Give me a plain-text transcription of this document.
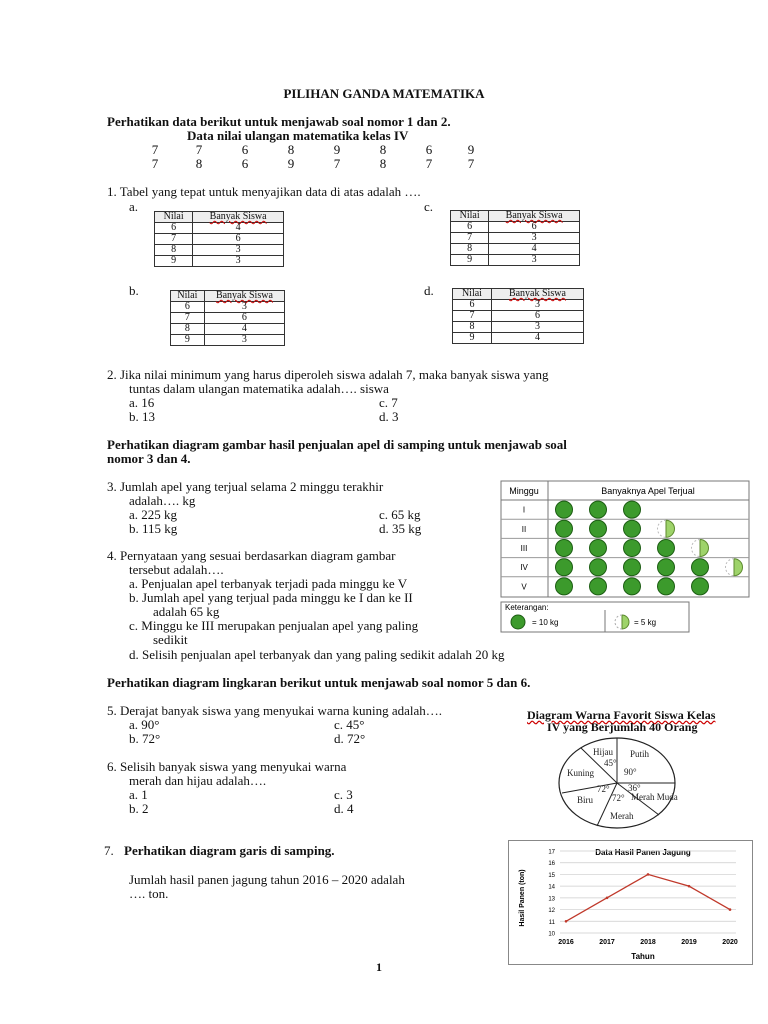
PILIHAN GANDA MATEMATIKA
Perhatikan data berikut untuk menjawab soal nomor 1 dan 2.
Data nilai ulangan matematika kelas IV
7	7	6	8	9	8	6	9
7	8	6	9	7	8	7	7
1. Tabel yang tepat untuk menyajikan data di atas adalah ….
a.	c.
b.	d.
Nilai	Banyak Siswa
6	4
7	6
8	3
9	3
Nilai	Banyak Siswa
6	6
7	3
8	4
9	3
Nilai	Banyak Siswa
6	3
7	6
8	4
9	3
Nilai	Banyak Siswa
6	3
7	6
8	3
9	4
2. Jika nilai minimum yang harus diperoleh siswa adalah 7, maka banyak siswa yang
tuntas dalam ulangan matematika adalah…. siswa
a. 16	c. 7
b. 13	d. 3
Perhatikan diagram gambar hasil penjualan apel di samping untuk menjawab soal
nomor 3 dan 4.
3. Jumlah apel yang terjual selama 2 minggu terakhir
adalah…. kg
a. 225 kg	c. 65 kg
b. 115 kg	d. 35 kg
4. Pernyataan yang sesuai berdasarkan diagram gambar
tersebut adalah….
a. Penjualan apel terbanyak terjadi pada minggu ke V
b. Jumlah apel yang terjual pada minggu ke I dan ke II
adalah 65 kg
c. Minggu ke III merupakan penjualan apel yang paling
sedikit
d. Selisih penjualan apel terbanyak dan yang paling sedikit adalah 20 kg
Minggu	Banyaknya Apel Terjual
I
II
III
IV
V
Keterangan:
= 10 kg	= 5 kg
Perhatikan diagram lingkaran berikut untuk menjawab soal nomor 5 dan 6.
5. Derajat banyak siswa yang menyukai warna kuning adalah….
a. 90°	c. 45°
b. 72°	d. 72°
6. Selisih banyak siswa yang menyukai warna
merah dan hijau adalah….
a. 1	c. 3
b. 2	d. 4
Diagram Warna Favorit Siswa Kelas
IV yang Berjumlah 40 Orang
Hijau Putih
Kuning
Biru	Merah Muda
Merah
45°
90°
72° 36°
72°
7. Perhatikan diagram garis di samping.
Jumlah hasil panen jagung tahun 2016 – 2020 adalah
…. ton.
Data Hasil Panen Jagung
Tahun
Hasil Panen (ton)
10
11
12
13
14
15
16
17
2016	2017	2018	2019	2020
1
